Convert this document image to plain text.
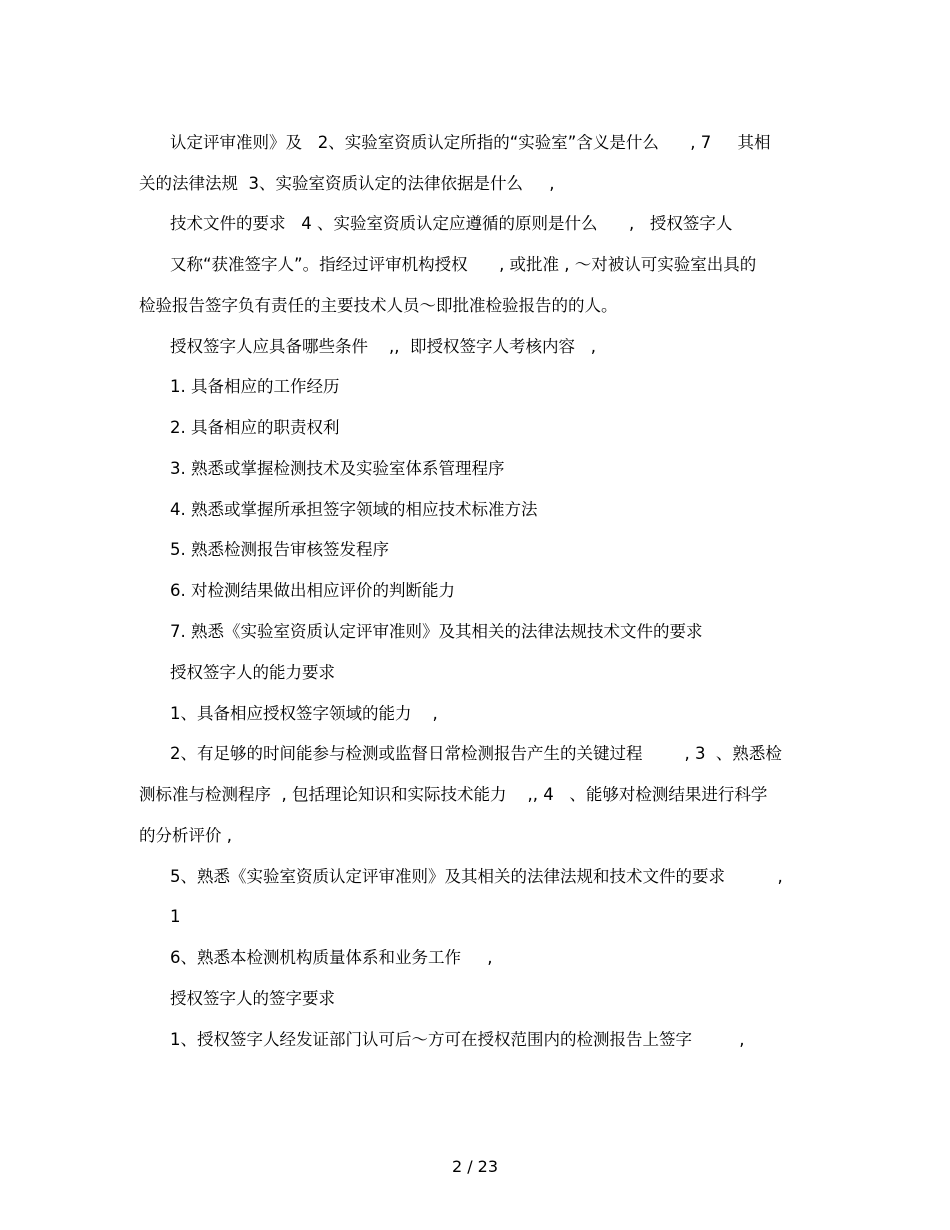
认定评审准则》及   2、实验室资质认定所指的“实验室”含义是什么      , 7     其相

关的法律法规  3、实验室资质认定的法律依据是什么     ,

技术文件的要求   4 、实验室资质认定应遵循的原则是什么      ,   授权签字人

又称“获准签字人”。指经过评审机构授权      , 或批准 , ～对被认可实验室出具的

检验报告签字负有责任的主要技术人员～即批准检验报告的的人。

授权签字人应具备哪些条件    ,,  即授权签字人考核内容   ,

1. 具备相应的工作经历

2. 具备相应的职责权利

3. 熟悉或掌握检测技术及实验室体系管理程序

4. 熟悉或掌握所承担签字领域的相应技术标准方法

5. 熟悉检测报告审核签发程序

6. 对检测结果做出相应评价的判断能力

7. 熟悉《实验室资质认定评审准则》及其相关的法律法规技术文件的要求

授权签字人的能力要求

1、具备相应授权签字领域的能力    ,

2、有足够的时间能参与检测或监督日常检测报告产生的关键过程        , 3  、熟悉检

测标准与检测程序  , 包括理论知识和实际技术能力    ,, 4   、能够对检测结果进行科学

的分析评价 ,

5、熟悉《实验室资质认定评审准则》及其相关的法律法规和技术文件的要求          ,

1

6、熟悉本检测机构质量体系和业务工作     ,

授权签字人的签字要求

1、授权签字人经发证部门认可后～方可在授权范围内的检测报告上签字         ,

2 / 23
